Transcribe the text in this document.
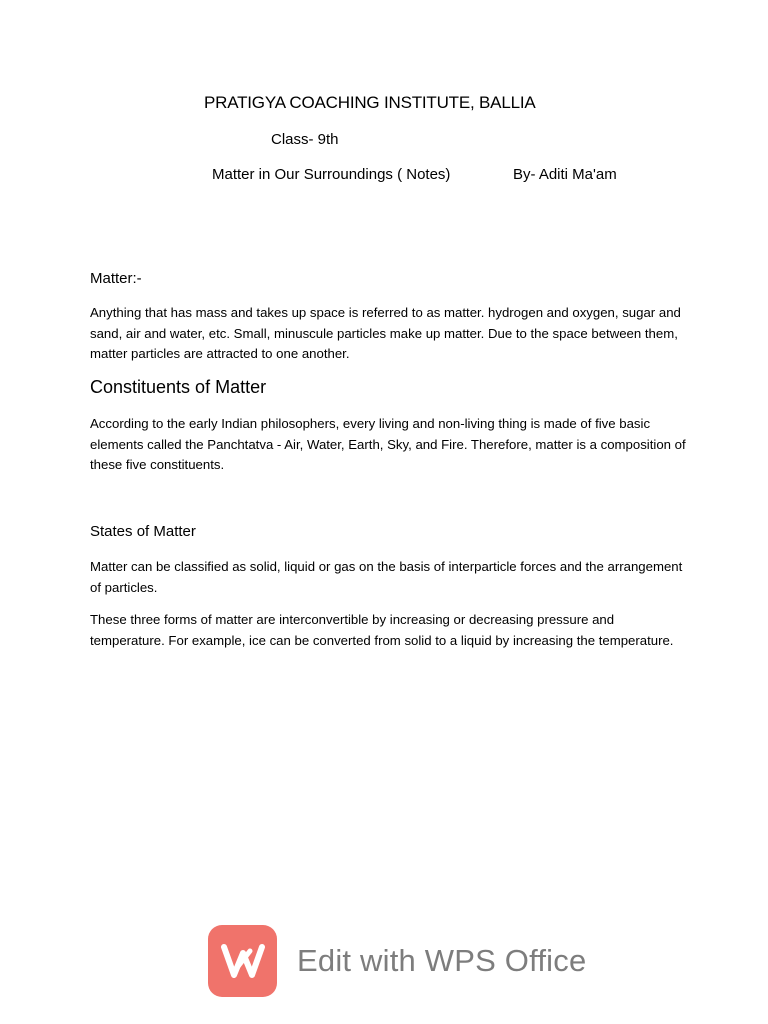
PRATIGYA COACHING INSTITUTE, BALLIA
Class- 9th
Matter in Our Surroundings ( Notes)	By- Aditi Ma'am
Matter:-
Anything that has mass and takes up space is referred to as matter. hydrogen and oxygen, sugar and sand, air and water, etc. Small, minuscule particles make up matter. Due to the space between them, matter particles are attracted to one another.
Constituents of Matter
According to the early Indian philosophers, every living and non-living thing is made of five basic elements called the Panchtatva - Air, Water, Earth, Sky, and Fire. Therefore, matter is a composition of these five constituents.
States of Matter
Matter can be classified as solid, liquid or gas on the basis of interparticle forces and the arrangement of particles.
These three forms of matter are interconvertible by increasing or decreasing pressure and temperature. For example, ice can be converted from solid to a liquid by increasing the temperature.
Edit with WPS Office
